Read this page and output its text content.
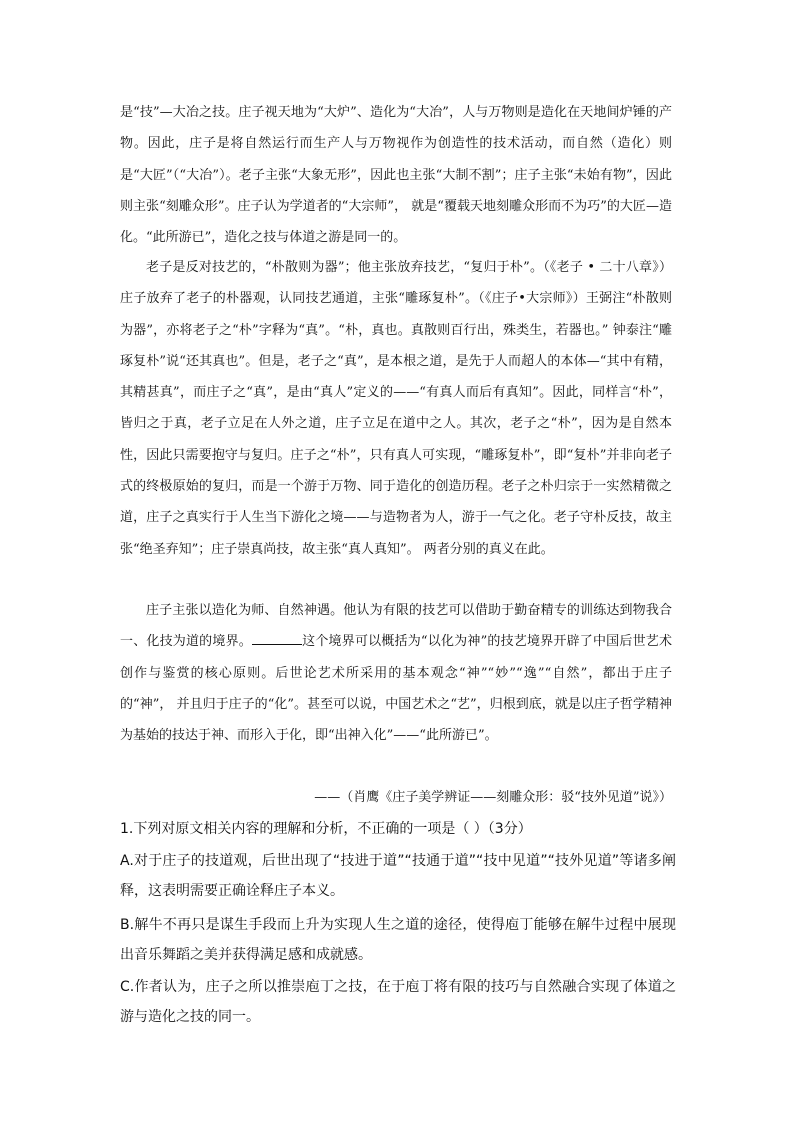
是“技”—大冶之技。庄子视天地为“大炉”、造化为“大冶”，人与万物则是造化在天地间炉锤的产物。因此，庄子是将自然运行而生产人与万物视作为创造性的技术活动，而自然（造化）则是“大匠”（“大冶”）。老子主张“大象无形”，因此也主张“大制不割”；庄子主张“未始有物”，因此则主张“刻雕众形”。庄子认为学道者的“大宗师”， 就是“覆载天地刻雕众形而不为巧”的大匠—造化。“此所游已”，造化之技与体道之游是同一的。

老子是反对技艺的，“朴散则为器”；他主张放弃技艺，“复归于朴”。（《老子 • 二十八章》）庄子放弃了老子的朴器观，认同技艺通道，主张“雕琢复朴”。（《庄子•大宗师》）王弼注“朴散则为器”，亦将老子之“朴”字释为“真”。“朴，真也。真散则百行出，殊类生，若器也。” 钟泰注“雕琢复朴”说“还其真也”。但是，老子之“真”，是本根之道，是先于人而超人的本体—“其中有精，其精甚真”，而庄子之“真”，是由“真人”定义的——“有真人而后有真知”。因此，同样言“朴”，皆归之于真，老子立足在人外之道，庄子立足在道中之人。其次，老子之“朴”，因为是自然本性，因此只需要抱守与复归。庄子之“朴”，只有真人可实现，“雕琢复朴”，即“复朴”并非向老子式的终极原始的复归，而是一个游于万物、同于造化的创造历程。老子之朴归宗于一实然精微之道，庄子之真实行于人生当下游化之境——与造物者为人，游于一气之化。老子守朴反技，故主张“绝圣弃知”；庄子崇真尚技，故主张“真人真知”。 两者分别的真义在此。

庄子主张以造化为师、自然神遇。他认为有限的技艺可以借助于勤奋精专的训练达到物我合 一、化技为道的境界。	这个境界可以概括为“以化为神”的技艺境界开辟了中国后世艺术创作与鉴赏的核心原则。后世论艺术所采用的基本观念“神”“妙”“逸”“自然”，都出于庄子的“神”， 并且归于庄子的“化”。甚至可以说，中国艺术之“艺”，归根到底，就是以庄子哲学精神为基始的技达于神、而形入于化，即“出神入化”——“此所游已”。

——（肖鹰《庄子美学辨证——刻雕众形：驳“技外见道”说》）

1.下列对原文相关内容的理解和分析，不正确的一项是（ ）（3分）

A.对于庄子的技道观，后世出现了“技进于道”“技通于道”“技中见道”“技外见道”等诸多阐释，这表明需要正确诠释庄子本义。

B.解牛不再只是谋生手段而上升为实现人生之道的途径，使得庖丁能够在解牛过程中展现出音乐舞蹈之美并获得满足感和成就感。

C.作者认为，庄子之所以推崇庖丁之技，在于庖丁将有限的技巧与自然融合实现了体道之游与造化之技的同一。
